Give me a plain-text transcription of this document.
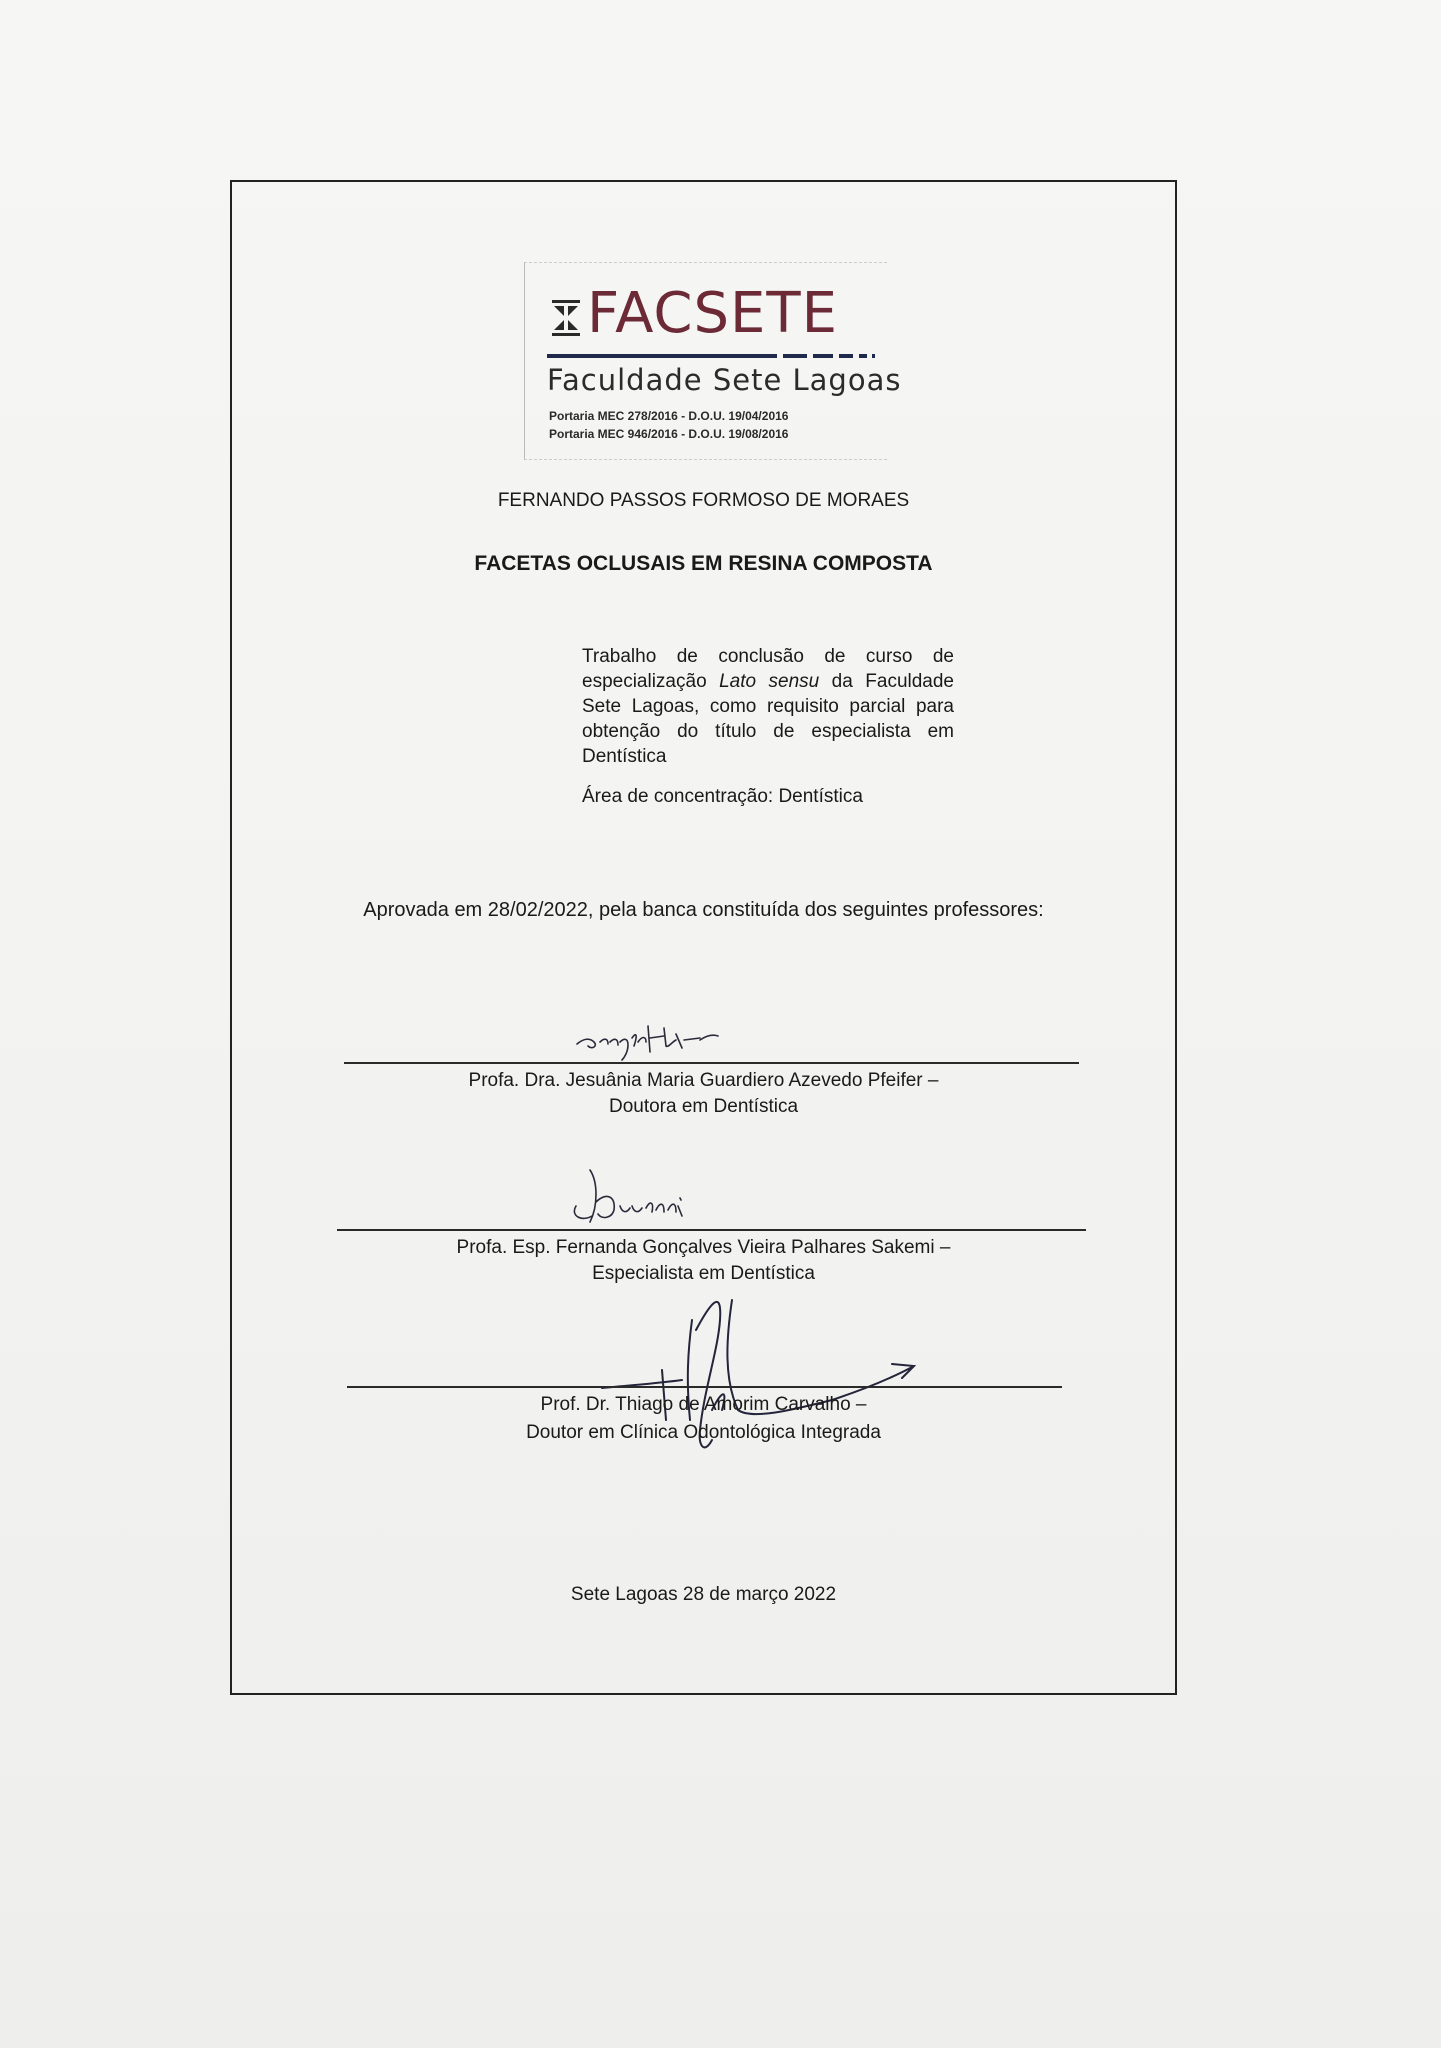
FACSETE
Faculdade Sete Lagoas
Portaria MEC 278/2016 - D.O.U. 19/04/2016
Portaria MEC 946/2016 - D.O.U. 19/08/2016
FERNANDO PASSOS FORMOSO DE MORAES
FACETAS OCLUSAIS EM RESINA COMPOSTA
Trabalho de conclusão de curso de especialização Lato sensu da Faculdade Sete Lagoas, como requisito parcial para obtenção do título de especialista em Dentística
Área de concentração: Dentística
Aprovada em 28/02/2022, pela banca constituída dos seguintes professores:
Profa. Dra. Jesuânia Maria Guardiero Azevedo Pfeifer –
Doutora em Dentística
Profa. Esp. Fernanda Gonçalves Vieira Palhares Sakemi –
Especialista em Dentística
Prof. Dr. Thiago de Amorim Carvalho –
Doutor em Clínica Odontológica Integrada
Sete Lagoas 28 de março 2022
